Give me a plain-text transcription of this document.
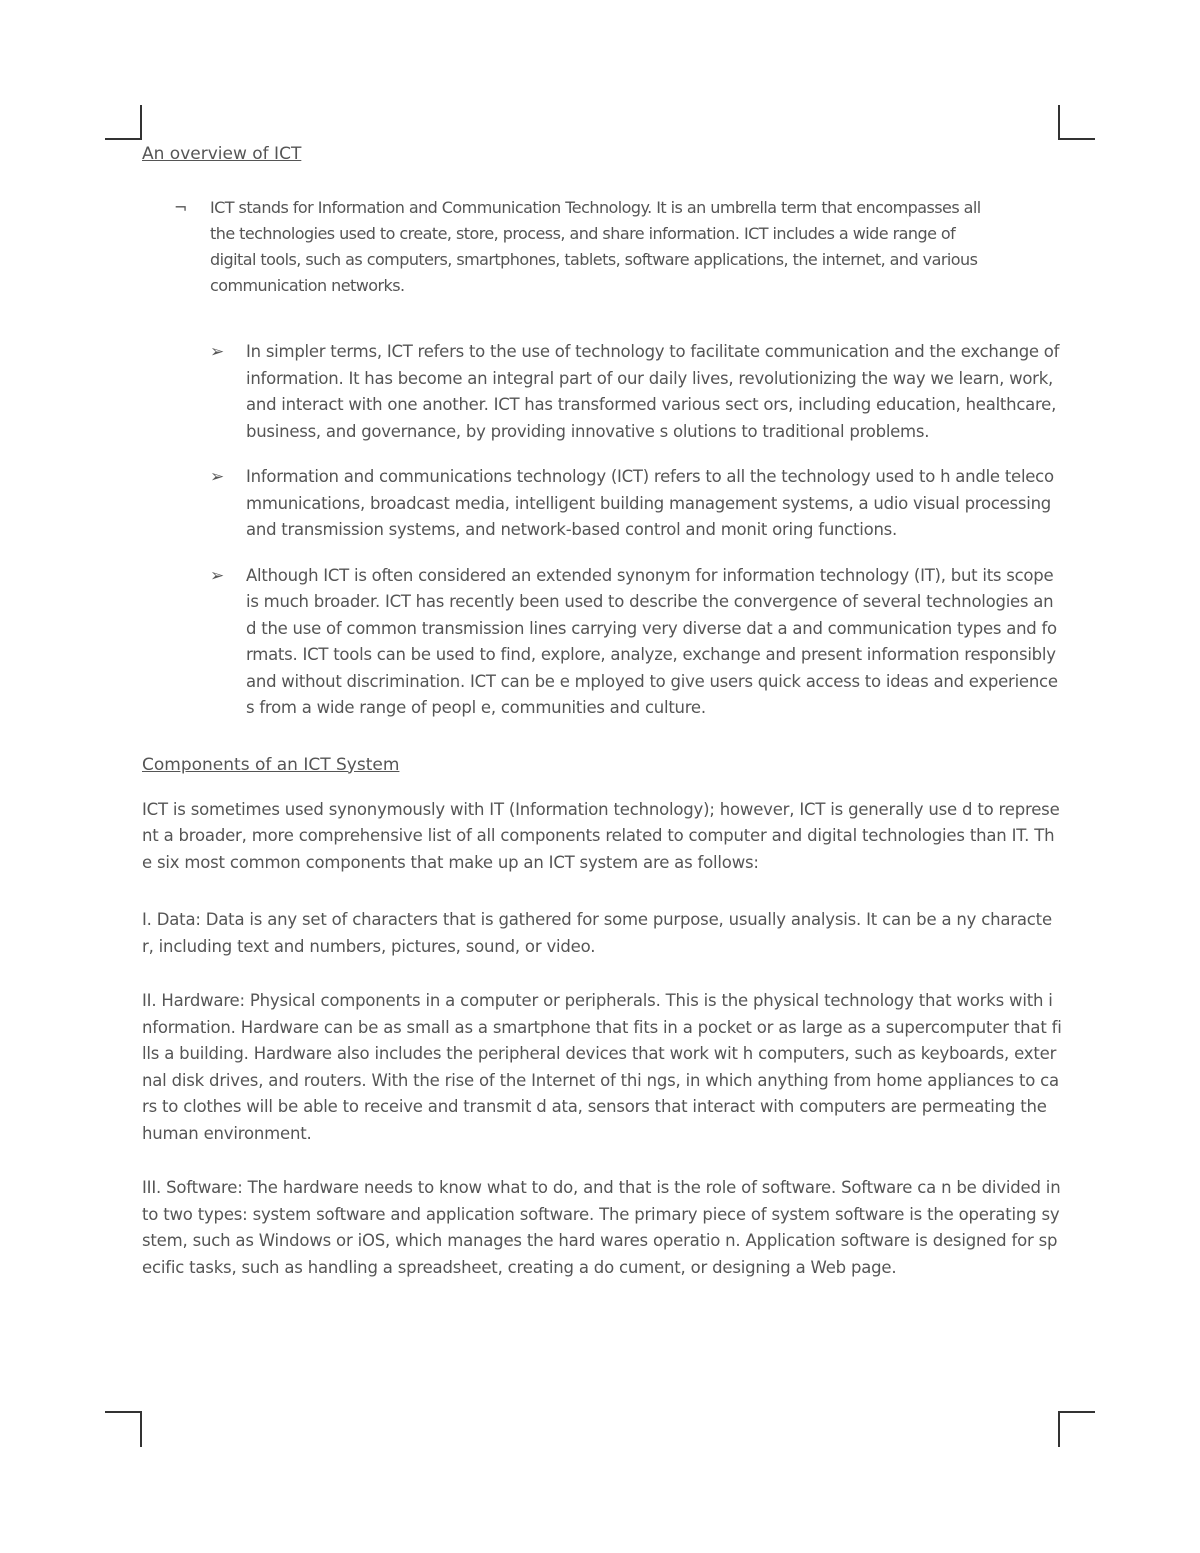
An overview of ICT

¬ ICT stands for Information and Communication Technology. It is an umbrella term that encompasses all the technologies used to create, store, process, and share information. ICT includes a wide range of digital tools, such as computers, smartphones, tablets, software applications, the internet, and various communication networks.
➢ In simpler terms, ICT refers to the use of technology to facilitate communication and the exchange of information. It has become an integral part of our daily lives, revolutionizing the way we learn, work, and interact with one another. ICT has transformed various sect ors, including education, healthcare, business, and governance, by providing innovative s olutions to traditional problems.
➢ Information and communications technology (ICT) refers to all the technology used to h andle telecommunications, broadcast media, intelligent building management systems, a udio visual processing and transmission systems, and network-based control and monit oring functions.
➢ Although ICT is often considered an extended synonym for information technology (IT), but its scope is much broader. ICT has recently been used to describe the convergence of several technologies and the use of common transmission lines carrying very diverse dat a and communication types and formats. ICT tools can be used to find, explore, analyze, exchange and present information responsibly and without discrimination. ICT can be e mployed to give users quick access to ideas and experiences from a wide range of peopl e, communities and culture.

Components of an ICT System

ICT is sometimes used synonymously with IT (Information technology); however, ICT is generally use d to represent a broader, more comprehensive list of all components related to computer and digital technologies than IT. The six most common components that make up an ICT system are as follows:

I. Data: Data is any set of characters that is gathered for some purpose, usually analysis. It can be a ny character, including text and numbers, pictures, sound, or video.

II. Hardware: Physical components in a computer or peripherals. This is the physical technology that works with information. Hardware can be as small as a smartphone that fits in a pocket or as large as a supercomputer that fills a building. Hardware also includes the peripheral devices that work wit h computers, such as keyboards, external disk drives, and routers. With the rise of the Internet of thi ngs, in which anything from home appliances to cars to clothes will be able to receive and transmit d ata, sensors that interact with computers are permeating the human environment.

III. Software: The hardware needs to know what to do, and that is the role of software. Software ca n be divided into two types: system software and application software. The primary piece of system software is the operating system, such as Windows or iOS, which manages the hard wares operatio n. Application software is designed for specific tasks, such as handling a spreadsheet, creating a do cument, or designing a Web page.
